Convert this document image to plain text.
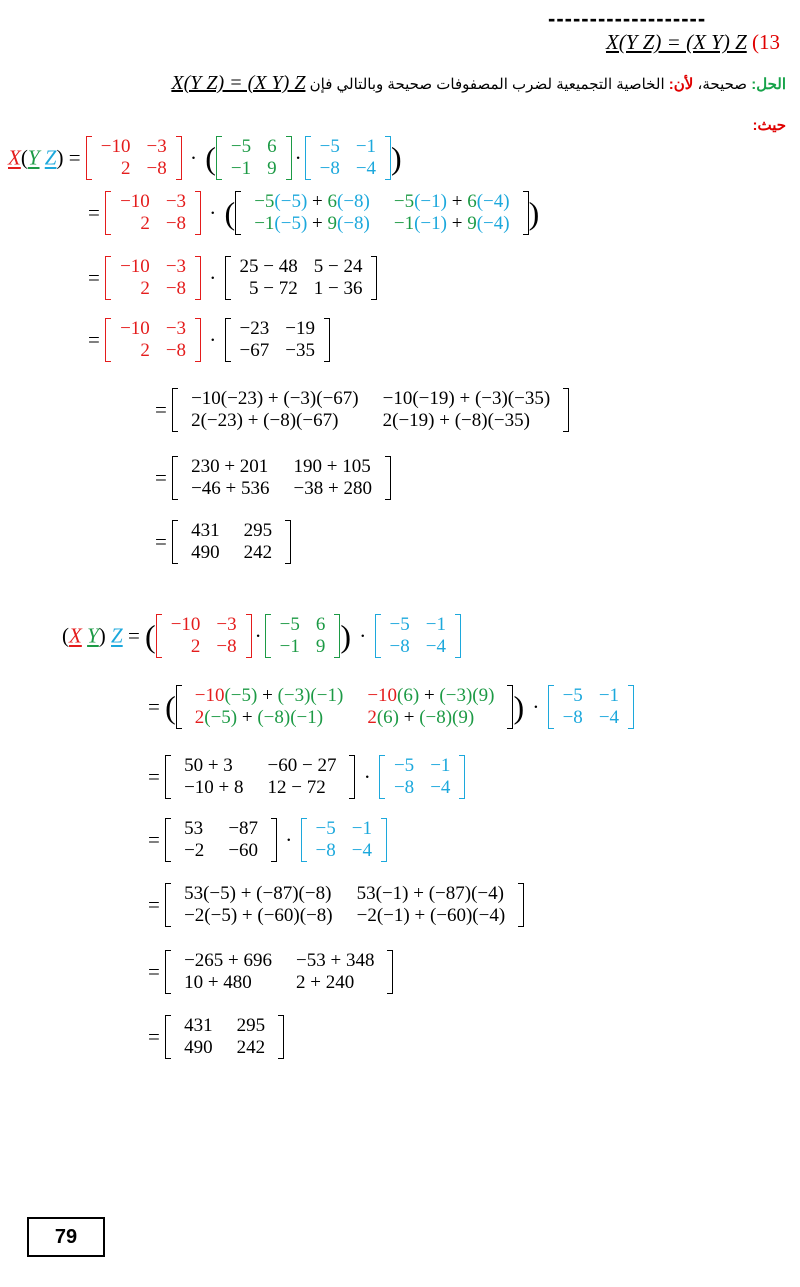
-------------------
X(Y Z) = (X Y) Z (13
الحل: صحيحة، لأن: الخاصية التجميعية لضرب المصفوفات صحيحة وبالتالي فإن X(Y Z) = (X Y) Z
حيث:
X(Y Z) = −10	−3
2	−8 · ( −5	6
−1	9 · −5	−1
−8	−4 )
= −10	−3
2	−8 · ( −5(−5) + 6(−8)	−5(−1) + 6(−4)
−1(−5) + 9(−8)	−1(−1) + 9(−4) )
= −10	−3
2	−8 · 25 − 48	5 − 24
5 − 72	1 − 36
= −10	−3
2	−8 · −23	−19
−67	−35
= −10(−23) + (−3)(−67)	−10(−19) + (−3)(−35)
2(−23) + (−8)(−67)	2(−19) + (−8)(−35)
= 230 + 201	190 + 105
−46 + 536	−38 + 280
= 431	295
490	242
(X Y) Z = ( −10	−3
2	−8 · −5	6
−1	9 ) · −5	−1
−8	−4
= ( −10(−5) + (−3)(−1)	−10(6) + (−3)(9)
2(−5) + (−8)(−1)	2(6) + (−8)(9) ) · −5	−1
−8	−4
= 50 + 3	−60 − 27
−10 + 8	12 − 72 · −5	−1
−8	−4
= 53	−87
−2	−60 · −5	−1
−8	−4
= 53(−5) + (−87)(−8)	53(−1) + (−87)(−4)
−2(−5) + (−60)(−8)	−2(−1) + (−60)(−4)
= −265 + 696	−53 + 348
10 + 480	2 + 240
= 431	295
490	242
79
